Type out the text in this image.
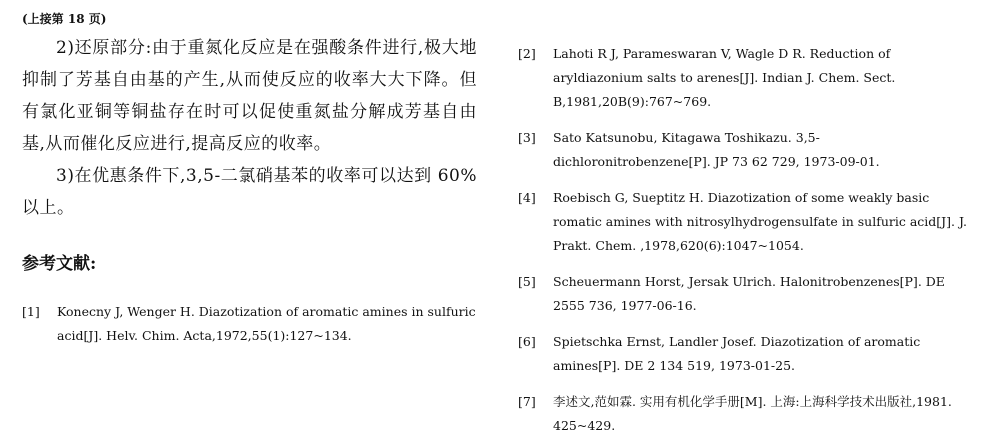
(上接第 18 页)

2)还原部分:由于重氮化反应是在强酸条件进行,极大地抑制了芳基自由基的产生,从而使反应的收率大大下降。但有氯化亚铜等铜盐存在时可以促使重氮盐分解成芳基自由基,从而催化反应进行,提高反应的收率。

3)在优惠条件下,3,5-二氯硝基苯的收率可以达到 60%以上。

参考文献:
[1] Konecny J, Wenger H. Diazotization of aromatic amines in sulfuric acid[J]. Helv. Chim. Acta,1972,55(1):127~134.
[2] Lahoti R J, Parameswaran V, Wagle D R. Reduction of aryldiazonium salts to arenes[J]. Indian J. Chem. Sect. B,1981,20B(9):767~769.
[3] Sato Katsunobu, Kitagawa Toshikazu. 3,5-dichloronitrobenzene[P]. JP 73 62 729, 1973-09-01.
[4] Roebisch G, Sueptitz H. Diazotization of some weakly basic romatic amines with nitrosylhydrogensulfate in sulfuric acid[J]. J. Prakt. Chem. ,1978,620(6):1047~1054.
[5] Scheuermann Horst, Jersak Ulrich. Halonitrobenzenes[P]. DE 2555 736, 1977-06-16.
[6] Spietschka Ernst, Landler Josef. Diazotization of aromatic amines[P]. DE 2 134 519, 1973-01-25.
[7] 李述文,范如霖. 实用有机化学手册[M]. 上海:上海科学技术出版社,1981. 425~429.
